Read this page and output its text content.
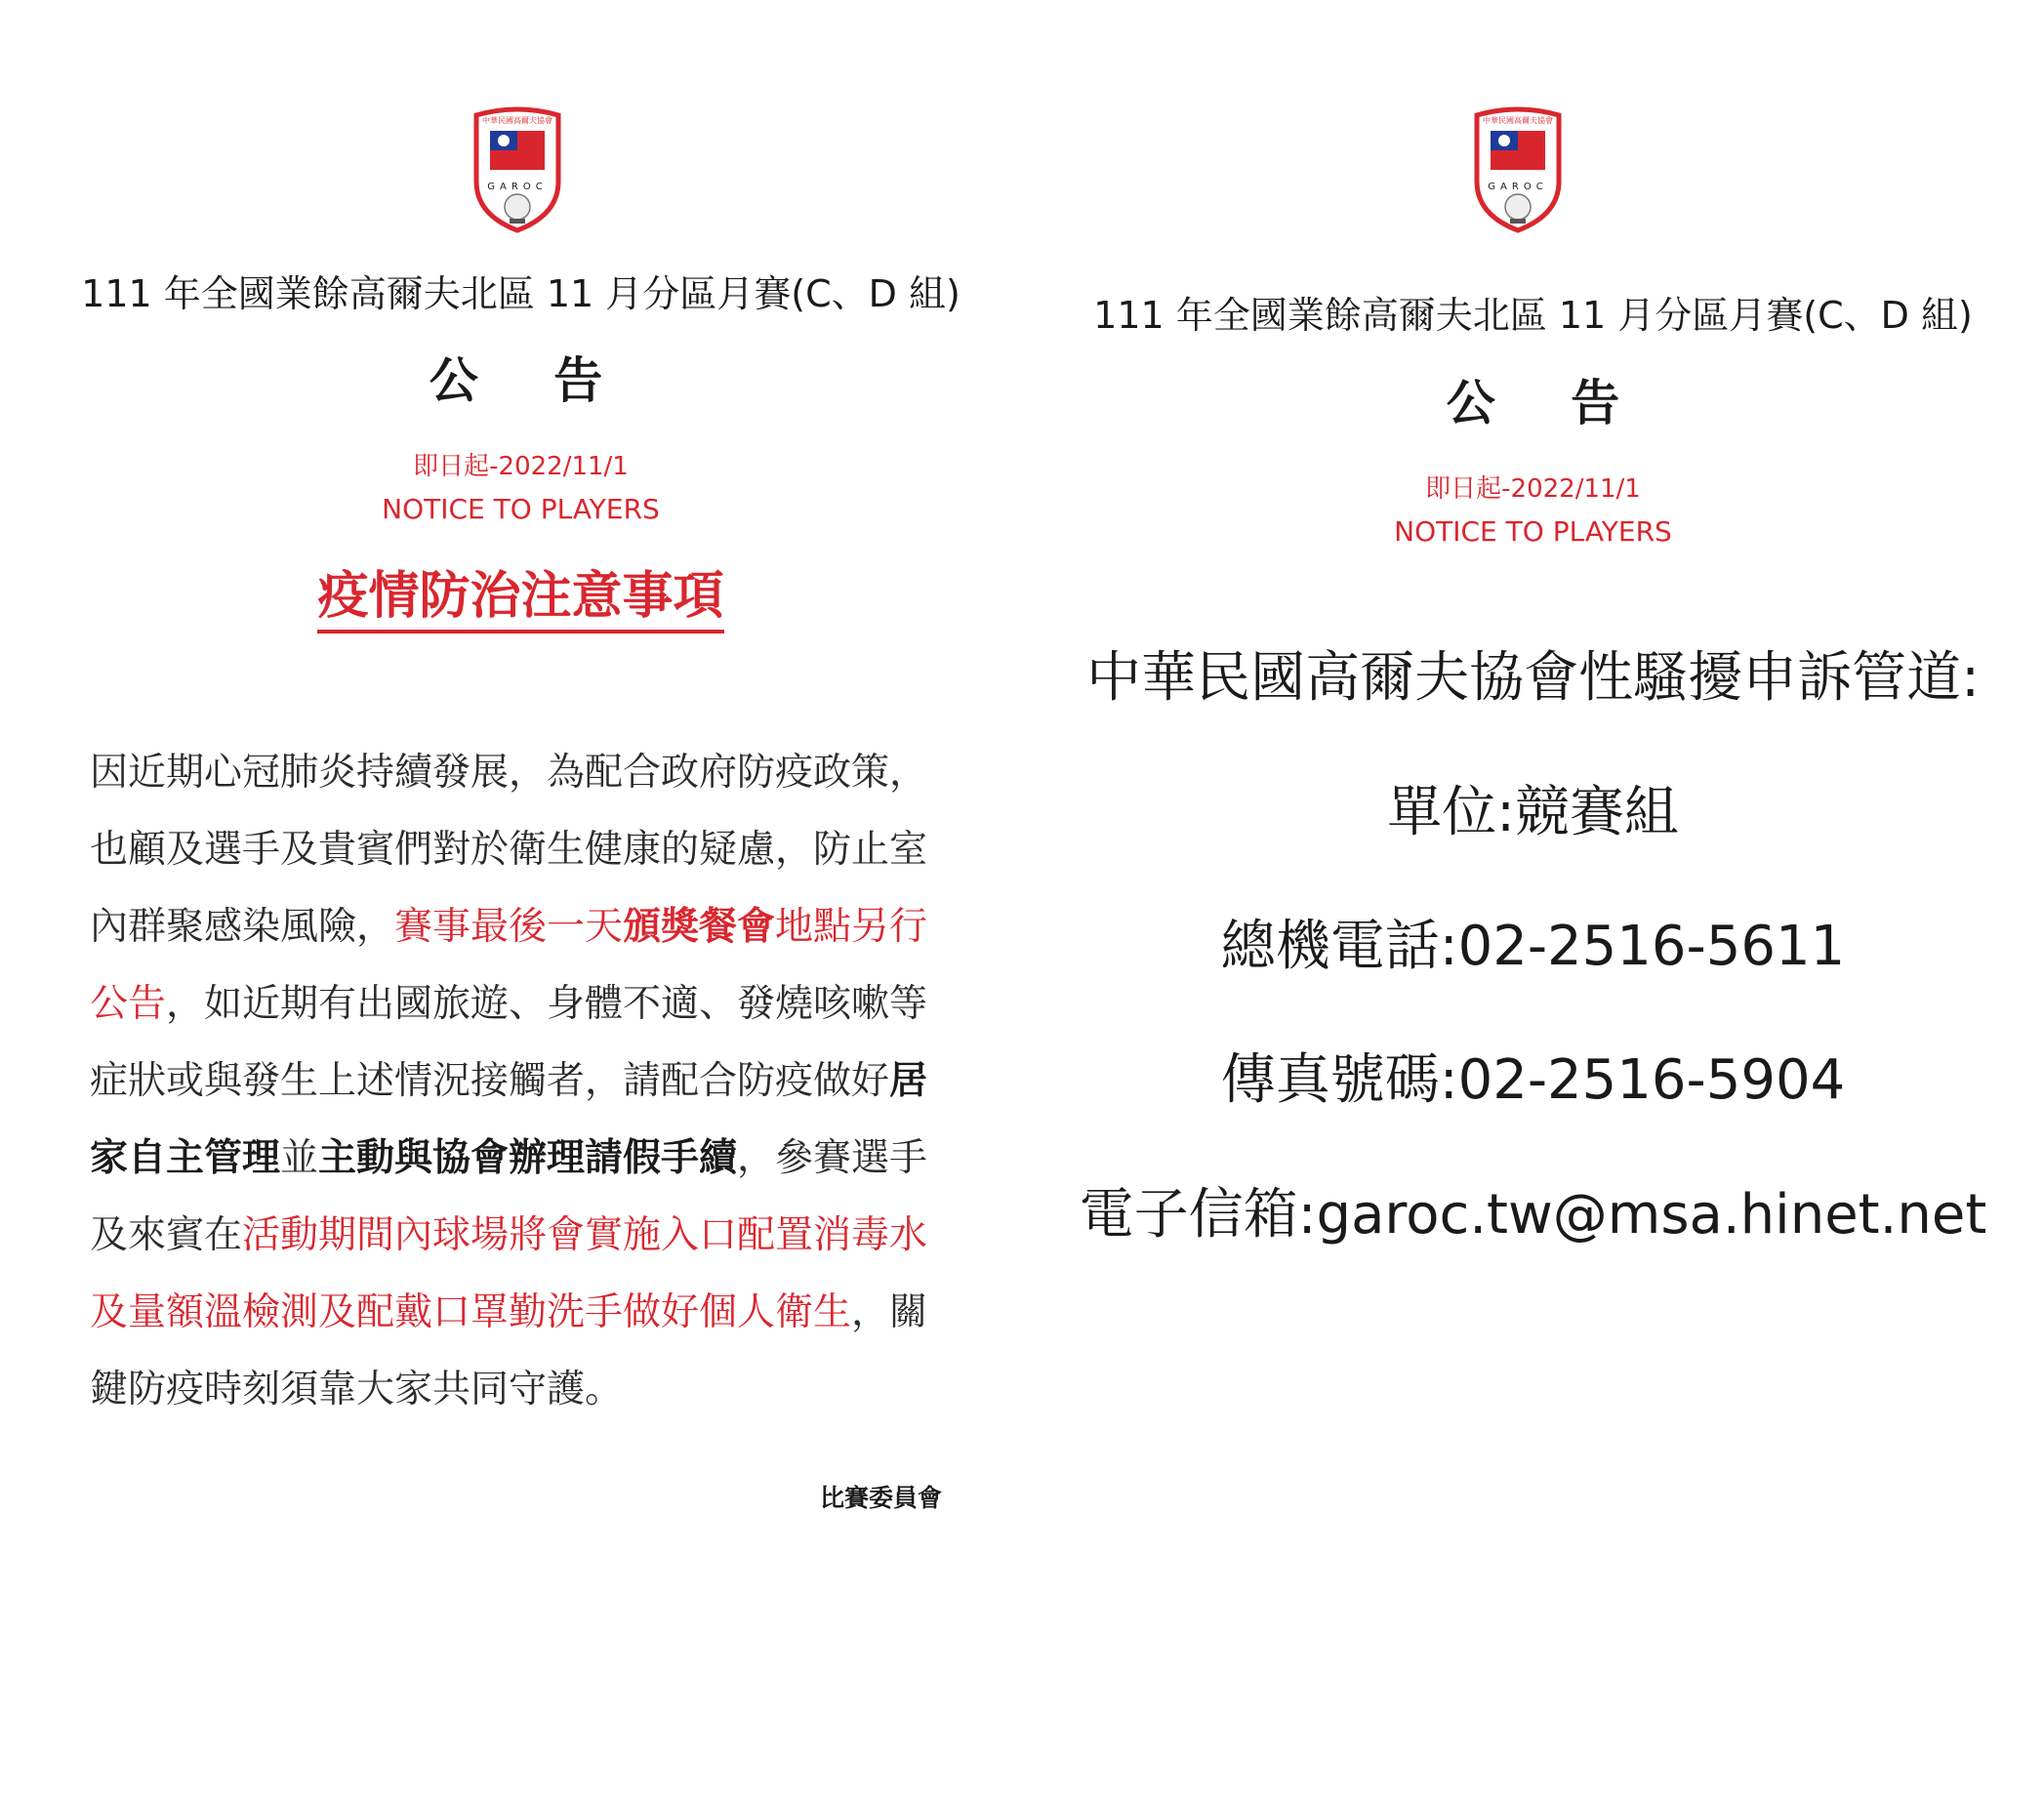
中華民國高爾夫協會
GAROC
111 年全國業餘高爾夫北區 11 月分區月賽(C、D 組)
公 告
即日起-2022/11/1
NOTICE TO PLAYERS
疫情防治注意事項
因近期心冠肺炎持續發展，為配合政府防疫政策，也顧及選手及貴賓們對於衛生健康的疑慮，防止室內群聚感染風險，賽事最後一天頒獎餐會地點另行公告，如近期有出國旅遊、身體不適、發燒咳嗽等症狀或與發生上述情況接觸者，請配合防疫做好居家自主管理並主動與協會辦理請假手續，參賽選手及來賓在活動期間內球場將會實施入口配置消毒水及量額溫檢測及配戴口罩勤洗手做好個人衛生，關鍵防疫時刻須靠大家共同守護。
比賽委員會
中華民國高爾夫協會
GAROC
111 年全國業餘高爾夫北區 11 月分區月賽(C、D 組)
公 告
即日起-2022/11/1
NOTICE TO PLAYERS
中華民國高爾夫協會性騷擾申訴管道:
單位:競賽組
總機電話:02-2516-5611
傳真號碼:02-2516-5904
電子信箱:garoc.tw@msa.hinet.net
